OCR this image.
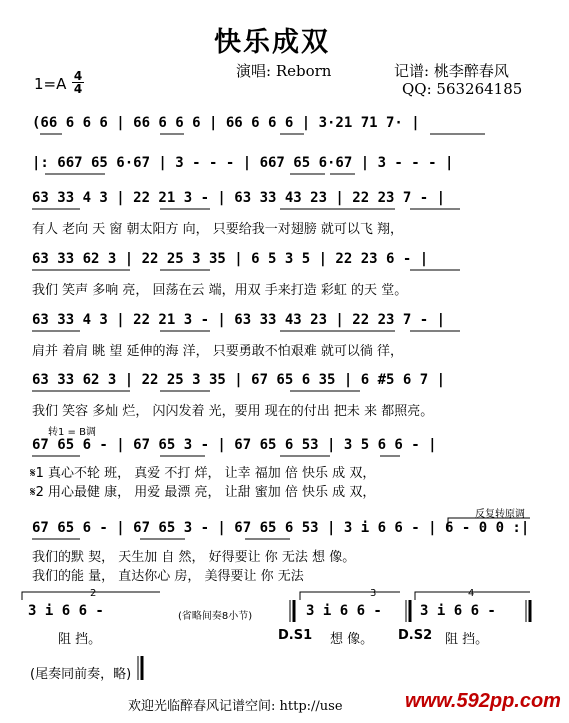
快乐成双
演唱: Reborn	记谱: 桃李醉春风
QQ: 563264185
$1=A \frac{4}{4}$
(66 6 6 6 | 66 6 6 6 | 66 6 6 6 | 3·21 71 7· |
|: 667 65 6·67 | 3 - - - | 667 65 6·67 | 3 - - - |
63 33 4 3 | 22 21 3 - | 63 33 43 23 | 22 23 7 - |
有人 老向 天 窗 朝太阳方 向， 只要给我一对翅膀 就可以飞 翔，
63 33 62 3 | 22 25 3 35 | 6 5 3 5 | 22 23 6 - |
我们 笑声 多响 亮， 回荡在云 端，用双 手来打造 彩虹 的天 堂。
63 33 4 3 | 22 21 3 - | 63 33 43 23 | 22 23 7 - |
肩并 着肩 眺 望 延伸的海 洋， 只要勇敢不怕艰难 就可以徜 徉，
63 33 62 3 | 22 25 3 35 | 67 65 6 35 | 6 #5 6 7 |
我们 笑容 多灿 烂， 闪闪发着 光，要用 现在的付出 把未 来 都照亮。
转1 = B调
67 65 6 - | 67 65 3 - | 67 65 6 53 | 3 5 6 6 - |
𝄋1 真心不轮 班， 真爱 不打 烊， 让幸 福加 倍 快乐 成 双，
𝄋2 用心最健 康， 用爱 最漂 亮， 让甜 蜜加 倍 快乐 成 双，
反复转原调
67 65 6 - | 67 65 3 - | 67 65 6 53 | 3 i 6 6 - | 6 - 0 0 :|
我们的默 契， 天生加 自 然， 好得要让 你 无法 想 像。
我们的能 量， 直达你心 房， 美得要让 你 无法
2	3	4
3 i 6 6 -	(省略间奏8小节)	3 i 6 6 -	3 i 6 6 -
阻 挡。	D.S1 想 像。 D.S2 阻 挡。
(尾奏同前奏，略)
欢迎光临醉春风记谱空间: http://use	www.592pp.com
